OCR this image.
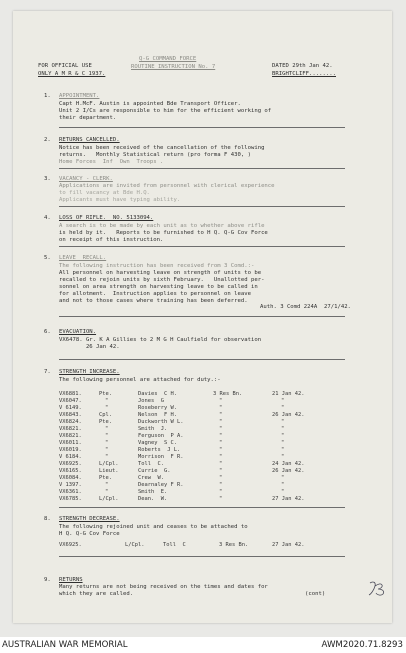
FOR OFFICIAL USE
ONLY A M R & C 1937.
Q-G COMMAND FORCE
ROUTINE INSTRUCTION No. 7	DATED 29th Jan 42.
BRIGHTCLIFF........
1. APPOINTMENT.
Capt H.McF. Austin is appointed Bde Transport Officer.
Unit 2 I/Cs are responsible to him for the efficient working of
their department.
2. RETURNS CANCELLED.
Notice has been received of the cancellation of the following
returns.   Monthly Statistical return (pro forma F 430, )
Home Forces  Inf  Own  Troops .
3. VACANCY - CLERK.
Applications are invited from personnel with clerical experience
to fill vacancy at Bde H.Q.
Applicants must have typing ability.
4. LOSS OF RIFLE.  NO. 5133094.
A search is to be made by each unit as to whether above rifle
is held by it.   Reports to be furnished to H Q. Q-G Cov Force
on receipt of this instruction.
5. LEAVE  RECALL.
The following instruction has been received from 3 Comd.:-
All personnel on harvesting leave on strength of units to be
recalled to rejoin units by sixth February.   Unallotted per-
sonnel on area strength on harvesting leave to be called in
for allotment.  Instruction applies to personnel on leave
and not to those cases where training has been deferred.
Auth. 3 Comd 224A  27/1/42.
6. EVACUATION.
VX6478. Gr. K A Gillies to 2 M G H Caulfield for observation
26 Jan 42.
7. STRENGTH INCREASE.
The following personnel are attached for duty.:-
VX6881.	Pte.	Davies  C H.	3 Res Bn.	21 Jan 42.
VX6047.	"	Jones  G	"	"
V 6149.	"	Roseberry W.	"	"
VX6843.	Cpl.	Nelson  F H.	"	26 Jan 42.
VX6824.	Pte.	Duckworth W L.	"	"
VX6821.	"	Smith  J.	"	"
VX6821.	"	Ferguson  P A.	"	"
VX6011.	"	Vagney  S C.	"	"
VX6019.	"	Roberts  J L.	"	"
V 6184.	"	Morrison  F R.	"	"
VX6925.	L/Cpl.	Toll  C.	"	24 Jan 42.
VX6165.	Lieut.	Currie  G.	"	26 Jan 42.
VX6084.	Pte.	Crew  W.	"	"
V 1397.	"	Dearnaley F R.	"	"
VX6361.	"	Smith  E.	"	"
VX6785.	L/Cpl.	Dean.  W.	"	27 Jan 42.
8. STRENGTH DECREASE.
The following rejoined unit and ceases to be attached to
H Q. Q-G Cov Force
VX6925.	L/Cpl.	Toll  C	3 Res Bn.	27 Jan 42.
9. RETURNS
Many returns are not being received on the times and dates for
which they are called.	(cont)
AUSTRALIAN WAR MEMORIAL	AWM2020.71.8293
